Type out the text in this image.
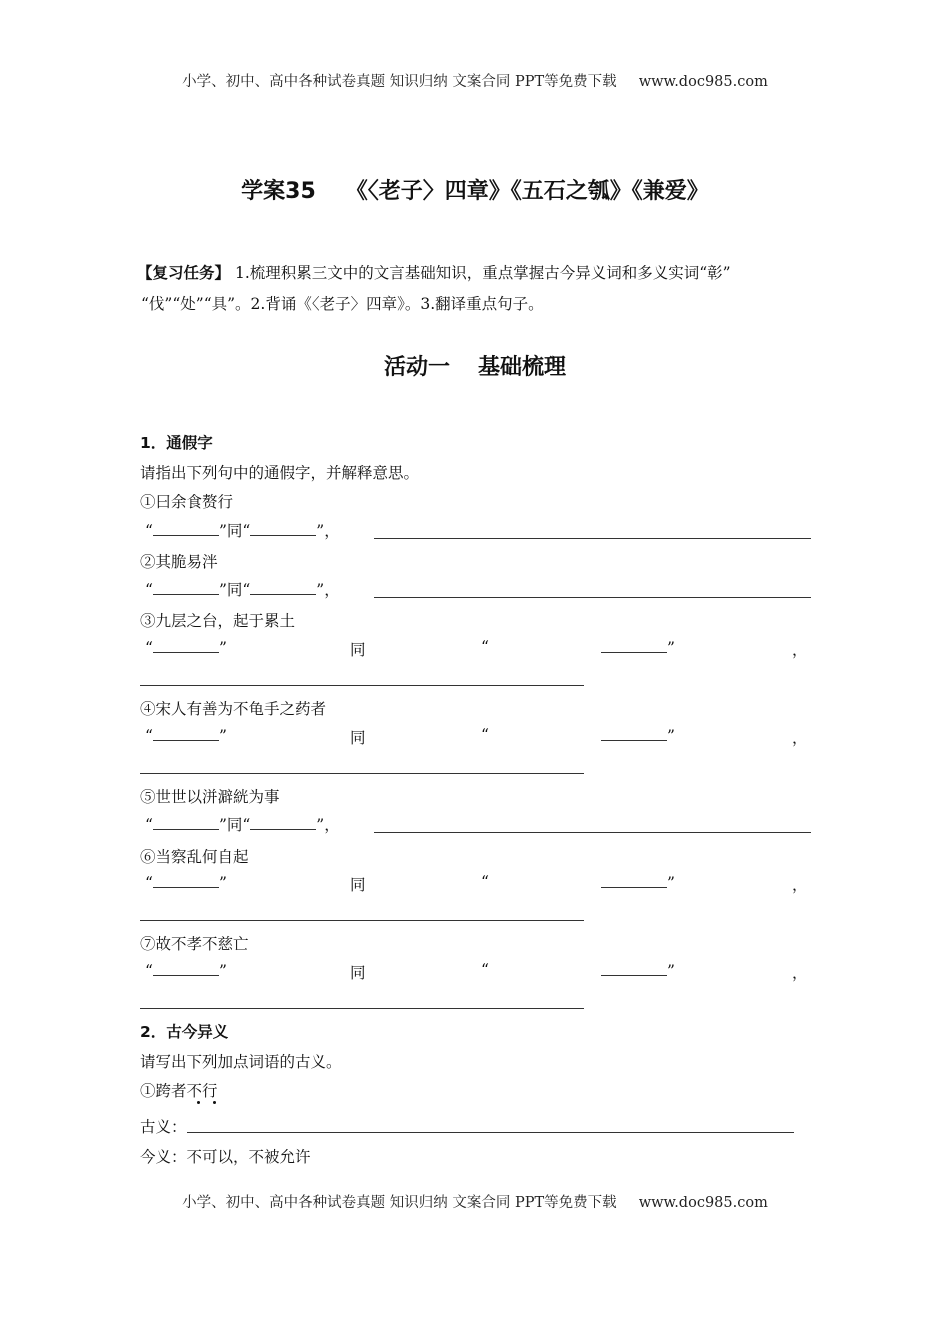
小学、初中、高中各种试卷真题 知识归纳 文案合同 PPT等免费下载 www.doc985.com
学案35 《〈老子〉四章》《五石之瓠》《兼爱》
【复习任务】 1.梳理积累三文中的文言基础知识，重点掌握古今异义词和多义实词“彰”
“伐”“处”“具”。2.背诵《〈老子〉四章》。3.翻译重点句子。
活动一 基础梳理
1．通假字
请指出下列句中的通假字，并解释意思。
①曰余食赘行
“	”同“	”，
②其脆易泮
“	”同“	”，
③九层之台，起于累土
“	”	同	“	”	，
④宋人有善为不龟手之药者
“	”	同	“	”	，
⑤世世以洴澼絖为事
“	”同“	”，
⑥当察乱何自起
“	”	同	“	”	，
⑦故不孝不慈亡
“	”	同	“	”	，
2．古今异义
请写出下列加点词语的古义。
①跨者不行
古义：
今义：不可以，不被允许
小学、初中、高中各种试卷真题 知识归纳 文案合同 PPT等免费下载 www.doc985.com
